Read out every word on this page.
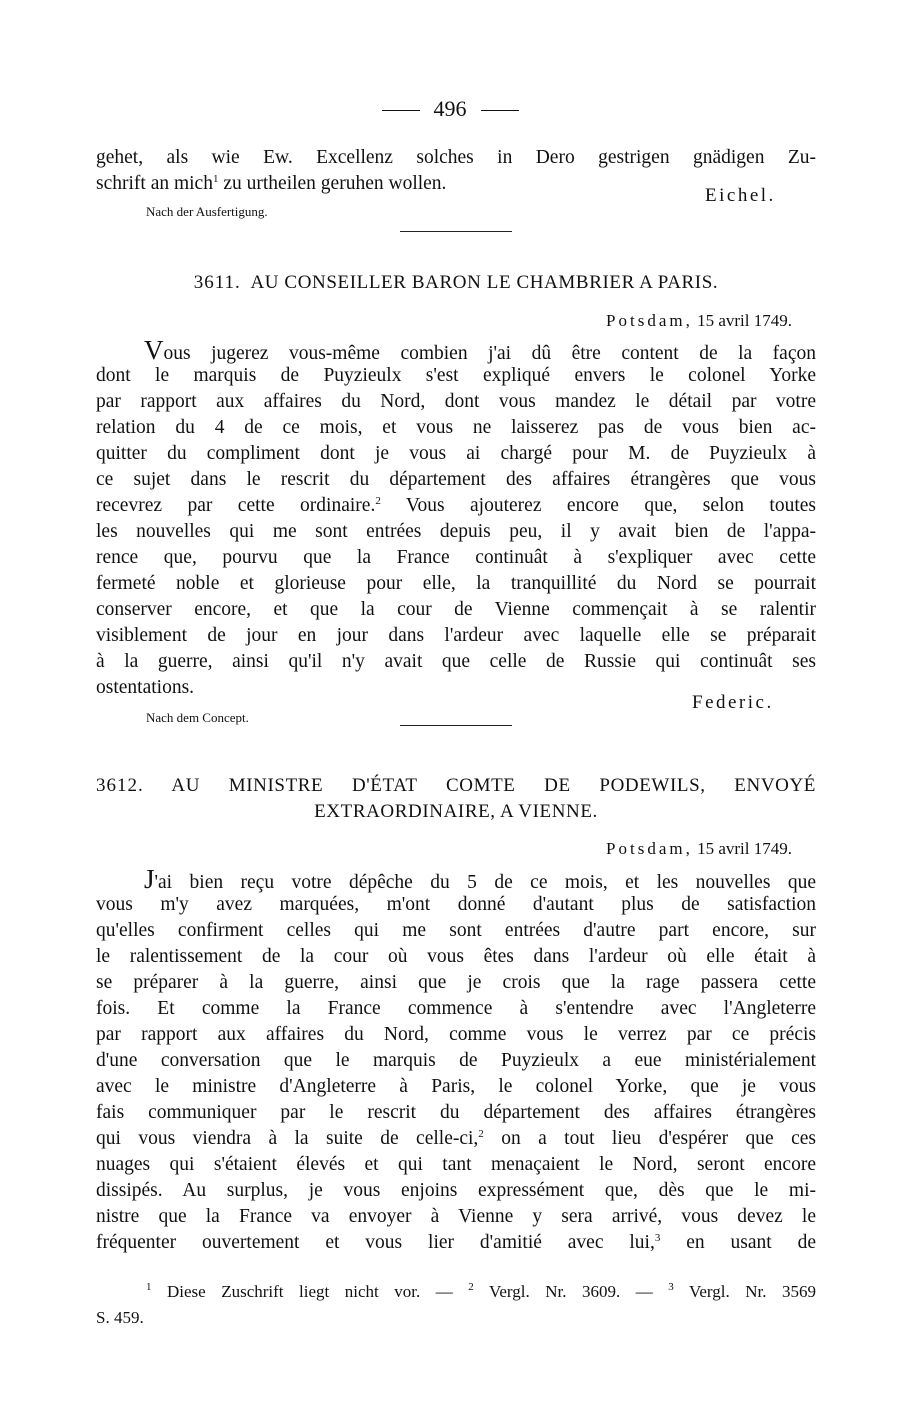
496
gehet, als wie Ew. Excellenz solches in Dero gestrigen gnädigen Zu-
schrift an mich$^1$ zu urtheilen geruhen wollen.
Eichel.
Nach der Ausfertigung.
3611. AU CONSEILLER BARON LE CHAMBRIER A PARIS.
Potsdam, 15 avril 1749.
Vous jugerez vous-même combien j'ai dû être content de la façon
dont le marquis de Puyzieulx s'est expliqué envers le colonel Yorke
par rapport aux affaires du Nord, dont vous mandez le détail par votre
relation du 4 de ce mois, et vous ne laisserez pas de vous bien ac-
quitter du compliment dont je vous ai chargé pour M. de Puyzieulx à
ce sujet dans le rescrit du département des affaires étrangères que vous
recevrez par cette ordinaire.$^2$ Vous ajouterez encore que, selon toutes
les nouvelles qui me sont entrées depuis peu, il y avait bien de l'appa-
rence que, pourvu que la France continuât à s'expliquer avec cette
fermeté noble et glorieuse pour elle, la tranquillité du Nord se pourrait
conserver encore, et que la cour de Vienne commençait à se ralentir
visiblement de jour en jour dans l'ardeur avec laquelle elle se préparait
à la guerre, ainsi qu'il n'y avait que celle de Russie qui continuât ses
ostentations.
Federic.
Nach dem Concept.
3612. AU MINISTRE D'ÉTAT COMTE DE PODEWILS, ENVOYÉ
EXTRAORDINAIRE, A VIENNE.
Potsdam, 15 avril 1749.
J'ai bien reçu votre dépêche du 5 de ce mois, et les nouvelles que
vous m'y avez marquées, m'ont donné d'autant plus de satisfaction
qu'elles confirment celles qui me sont entrées d'autre part encore, sur
le ralentissement de la cour où vous êtes dans l'ardeur où elle était à
se préparer à la guerre, ainsi que je crois que la rage passera cette
fois. Et comme la France commence à s'entendre avec l'Angleterre
par rapport aux affaires du Nord, comme vous le verrez par ce précis
d'une conversation que le marquis de Puyzieulx a eue ministérialement
avec le ministre d'Angleterre à Paris, le colonel Yorke, que je vous
fais communiquer par le rescrit du département des affaires étrangères
qui vous viendra à la suite de celle-ci,$^2$ on a tout lieu d'espérer que ces
nuages qui s'étaient élevés et qui tant menaçaient le Nord, seront encore
dissipés. Au surplus, je vous enjoins expressément que, dès que le mi-
nistre que la France va envoyer à Vienne y sera arrivé, vous devez le
fréquenter ouvertement et vous lier d'amitié avec lui,$^3$ en usant de
$^1$ Diese Zuschrift liegt nicht vor. — $^2$ Vergl. Nr. 3609. — $^3$ Vergl. Nr. 3569
S. 459.
